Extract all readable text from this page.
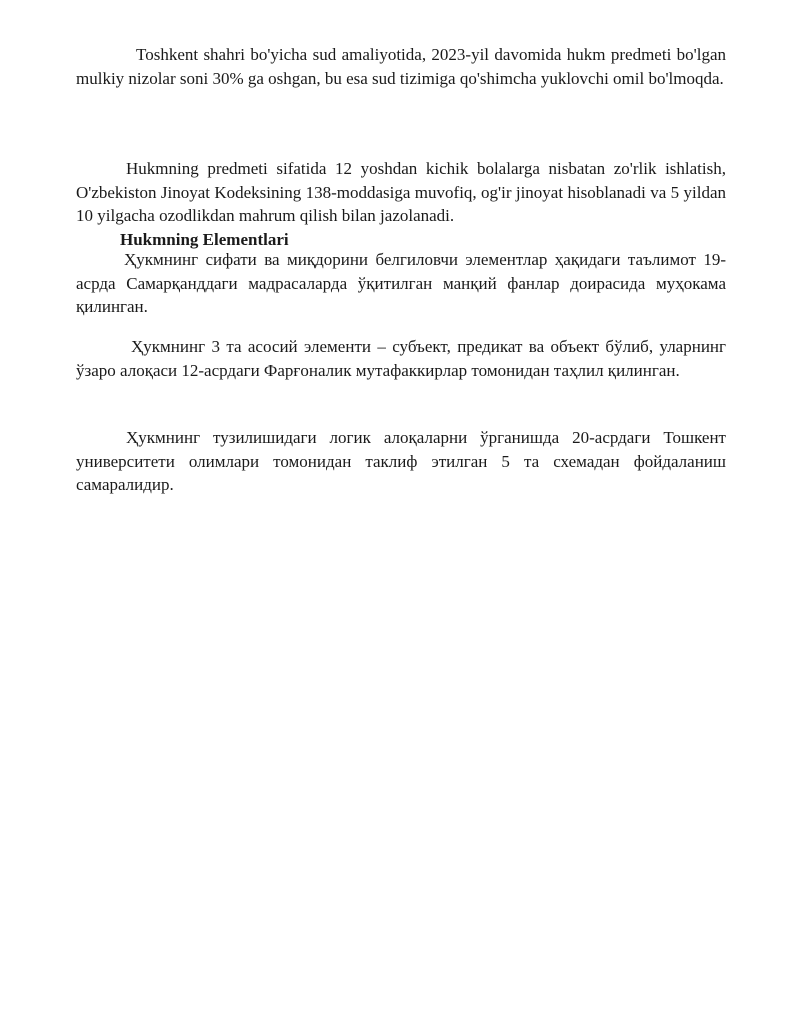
Toshkent shahri bo'yicha sud amaliyotida, 2023-yil davomida hukm predmeti bo'lgan mulkiy nizolar soni 30% ga oshgan, bu esa sud tizimiga qo'shimcha yuklovchi omil bo'lmoqda.

Hukmning predmeti sifatida 12 yoshdan kichik bolalarga nisbatan zo'rlik ishlatish, O'zbekiston Jinoyat Kodeksining 138-moddasiga muvofiq, og'ir jinoyat hisoblanadi va 5 yildan 10 yilgacha ozodlikdan mahrum qilish bilan jazolanadi.

Hukmning Elementlari

Ҳукмнинг сифати ва миқдорини белгиловчи элементлар ҳақидаги таълимот 19-асрда Самарқанддаги мадрасаларда ўқитилган манқий фанлар доирасида муҳокама қилинган.

Ҳукмнинг 3 та асосий элементи – субъект, предикат ва объект бўлиб, уларнинг ўзаро алоқаси 12-асрдаги Фарғоналик мутафаккирлар томонидан таҳлил қилинган.

Ҳукмнинг тузилишидаги логик алоқаларни ўрганишда 20-асрдаги Тошкент университети олимлари томонидан таклиф этилган 5 та схемадан фойдаланиш самаралидир.
